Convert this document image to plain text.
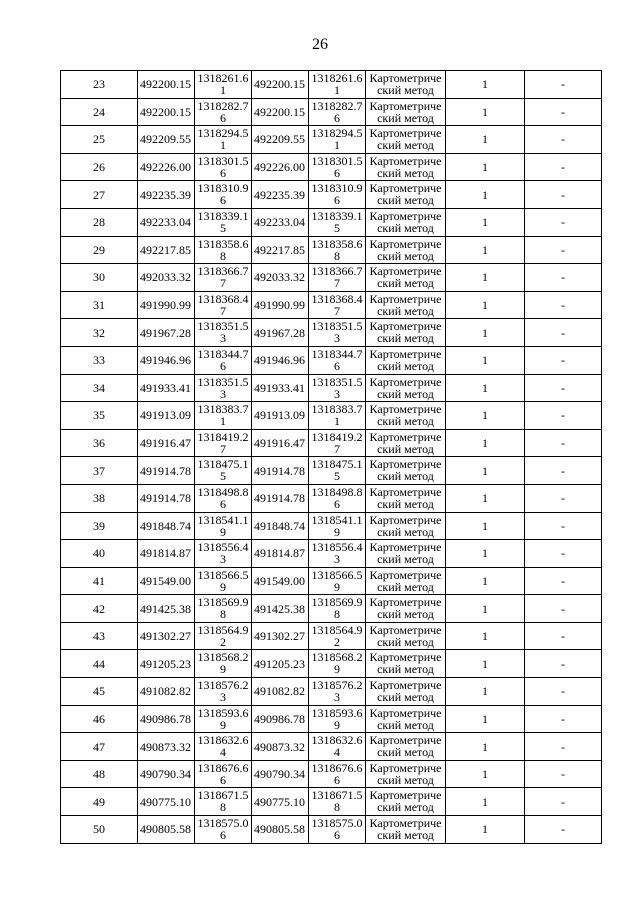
26
23	492200.15	1318261.61	492200.15	1318261.61	Картометриче
ский метод	1	-
24	492200.15	1318282.76	492200.15	1318282.76	Картометриче
ский метод	1	-
25	492209.55	1318294.51	492209.55	1318294.51	Картометриче
ский метод	1	-
26	492226.00	1318301.56	492226.00	1318301.56	Картометриче
ский метод	1	-
27	492235.39	1318310.96	492235.39	1318310.96	Картометриче
ский метод	1	-
28	492233.04	1318339.15	492233.04	1318339.15	Картометриче
ский метод	1	-
29	492217.85	1318358.68	492217.85	1318358.68	Картометриче
ский метод	1	-
30	492033.32	1318366.77	492033.32	1318366.77	Картометриче
ский метод	1	-
31	491990.99	1318368.47	491990.99	1318368.47	Картометриче
ский метод	1	-
32	491967.28	1318351.53	491967.28	1318351.53	Картометриче
ский метод	1	-
33	491946.96	1318344.76	491946.96	1318344.76	Картометриче
ский метод	1	-
34	491933.41	1318351.53	491933.41	1318351.53	Картометриче
ский метод	1	-
35	491913.09	1318383.71	491913.09	1318383.71	Картометриче
ский метод	1	-
36	491916.47	1318419.27	491916.47	1318419.27	Картометриче
ский метод	1	-
37	491914.78	1318475.15	491914.78	1318475.15	Картометриче
ский метод	1	-
38	491914.78	1318498.86	491914.78	1318498.86	Картометриче
ский метод	1	-
39	491848.74	1318541.19	491848.74	1318541.19	Картометриче
ский метод	1	-
40	491814.87	1318556.43	491814.87	1318556.43	Картометриче
ский метод	1	-
41	491549.00	1318566.59	491549.00	1318566.59	Картометриче
ский метод	1	-
42	491425.38	1318569.98	491425.38	1318569.98	Картометриче
ский метод	1	-
43	491302.27	1318564.92	491302.27	1318564.92	Картометриче
ский метод	1	-
44	491205.23	1318568.29	491205.23	1318568.29	Картометриче
ский метод	1	-
45	491082.82	1318576.23	491082.82	1318576.23	Картометриче
ский метод	1	-
46	490986.78	1318593.69	490986.78	1318593.69	Картометриче
ский метод	1	-
47	490873.32	1318632.64	490873.32	1318632.64	Картометриче
ский метод	1	-
48	490790.34	1318676.66	490790.34	1318676.66	Картометриче
ский метод	1	-
49	490775.10	1318671.58	490775.10	1318671.58	Картометриче
ский метод	1	-
50	490805.58	1318575.06	490805.58	1318575.06	Картометриче
ский метод	1	-
